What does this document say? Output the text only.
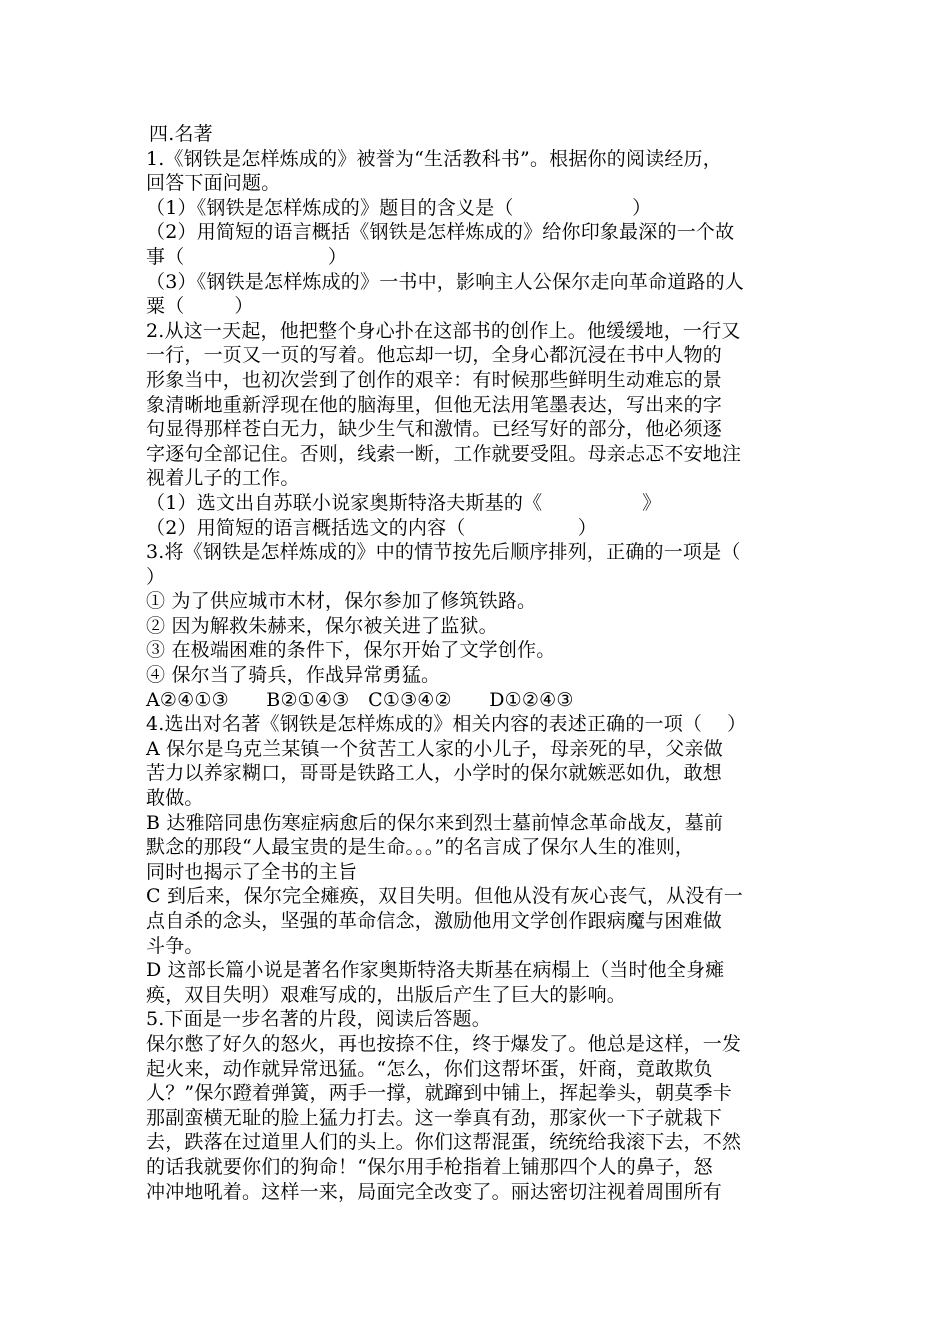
四.名著
1.《钢铁是怎样炼成的》被誉为“生活教科书”。根据你的阅读经历，
回答下面问题。
（1）《钢铁是怎样炼成的》题目的含义是（                   ）
（2）用简短的语言概括《钢铁是怎样炼成的》给你印象最深的一个故
事（                       ）
（3）《钢铁是怎样炼成的》一书中，影响主人公保尔走向革命道路的人
粟（        ）
2.从这一天起，他把整个身心扑在这部书的创作上。他缓缓地，一行又
一行，一页又一页的写着。他忘却一切，全身心都沉浸在书中人物的
形象当中，也初次尝到了创作的艰辛：有时候那些鲜明生动难忘的景
象清晰地重新浮现在他的脑海里，但他无法用笔墨表达，写出来的字
句显得那样苍白无力，缺少生气和激情。已经写好的部分，他必须逐
字逐句全部记住。否则，线索一断，工作就要受阻。母亲忐忑不安地注
视着儿子的工作。
（1）选文出自苏联小说家奥斯特洛夫斯基的《                》
（2）用简短的语言概括选文的内容（                  ）
3.将《钢铁是怎样炼成的》中的情节按先后顺序排列，正确的一项是（
）
① 为了供应城市木材，保尔参加了修筑铁路。
② 因为解救朱赫来，保尔被关进了监狱。
③ 在极端困难的条件下，保尔开始了文学创作。
④ 保尔当了骑兵，作战异常勇猛。
A②④①③      B②①④③   C①③④②      D①②④③
4.选出对名著《钢铁是怎样炼成的》相关内容的表述正确的一项（    ）
A 保尔是乌克兰某镇一个贫苦工人家的小儿子，母亲死的早，父亲做
苦力以养家糊口，哥哥是铁路工人，小学时的保尔就嫉恶如仇，敢想
敢做。
B 达雅陪同患伤寒症病愈后的保尔来到烈士墓前悼念革命战友，墓前
默念的那段“人最宝贵的是生命。。。”的名言成了保尔人生的准则，
同时也揭示了全书的主旨
C 到后来，保尔完全瘫痪，双目失明。但他从没有灰心丧气，从没有一
点自杀的念头，坚强的革命信念，激励他用文学创作跟病魔与困难做
斗争。
D 这部长篇小说是著名作家奥斯特洛夫斯基在病榻上（当时他全身瘫
痪，双目失明）艰难写成的，出版后产生了巨大的影响。
5.下面是一步名著的片段，阅读后答题。
保尔憋了好久的怒火，再也按捺不住，终于爆发了。他总是这样，一发
起火来，动作就异常迅猛。“怎么，你们这帮坏蛋，奸商，竟敢欺负
人？”保尔蹬着弹簧，两手一撑，就蹿到中铺上，挥起拳头，朝莫季卡
那副蛮横无耻的脸上猛力打去。这一拳真有劲，那家伙一下子就栽下
去，跌落在过道里人们的头上。你们这帮混蛋，统统给我滚下去，不然
的话我就要你们的狗命！“保尔用手枪指着上铺那四个人的鼻子，怒
冲冲地吼着。这样一来，局面完全改变了。丽达密切注视着周围所有
